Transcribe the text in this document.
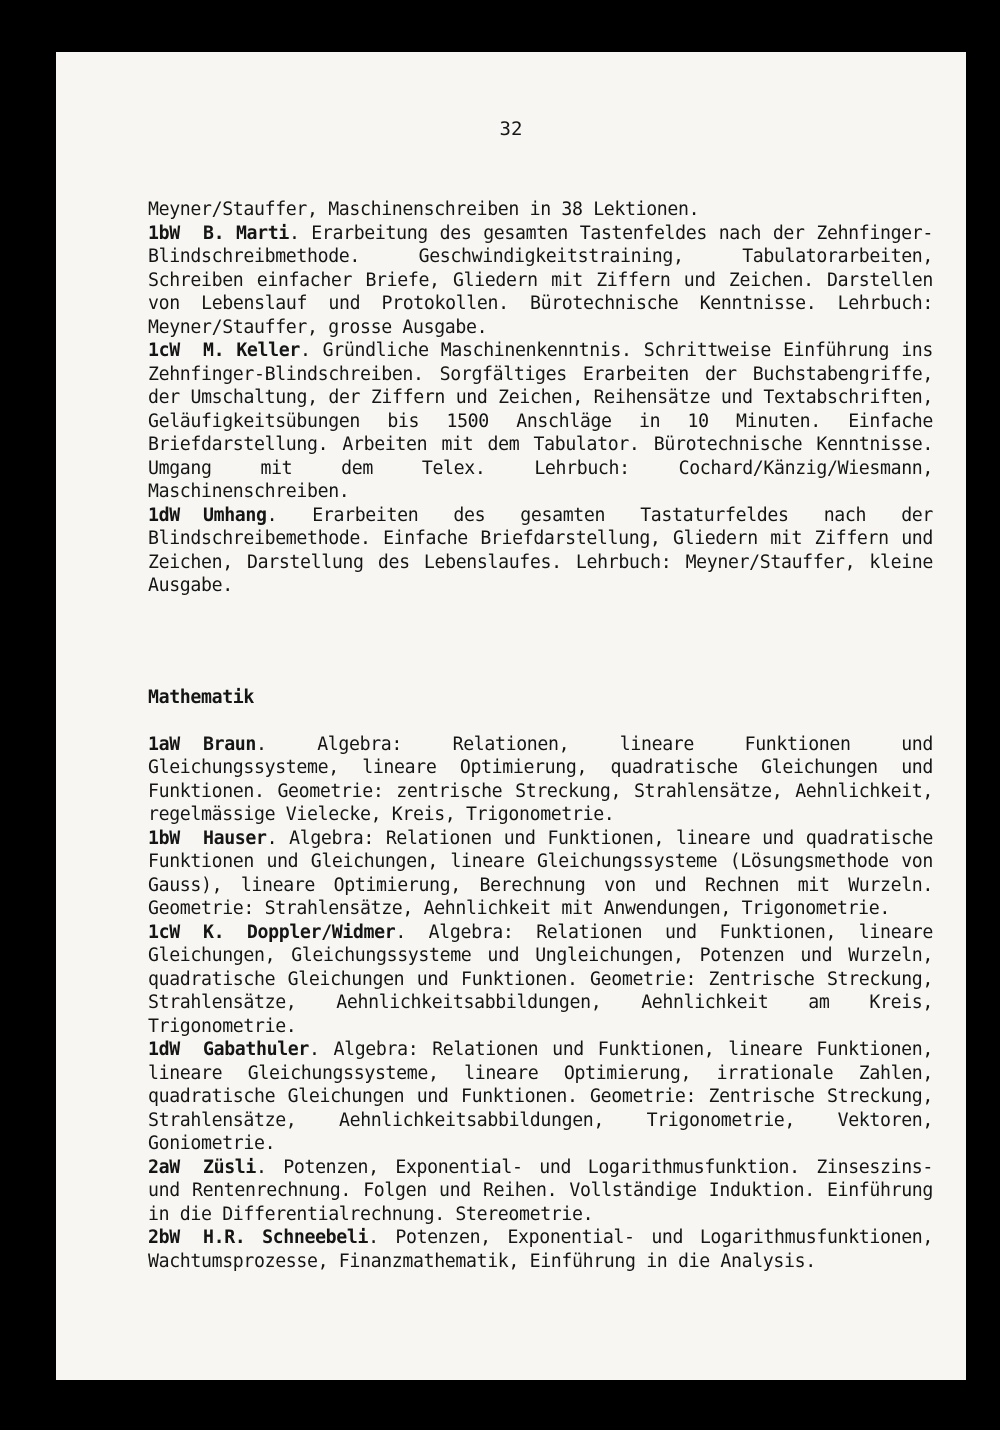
32

Meyner/Stauffer, Maschinenschreiben in 38 Lektionen.

1bW B. Marti. Erarbeitung des gesamten Tastenfeldes nach der Zehnfinger-Blindschreibmethode. Geschwindigkeitstraining, Tabulatorarbeiten, Schreiben einfacher Briefe, Gliedern mit Ziffern und Zeichen. Darstellen von Lebenslauf und Protokollen. Bürotechnische Kenntnisse. Lehrbuch: Meyner/Stauffer, grosse Ausgabe.

1cW M. Keller. Gründliche Maschinenkenntnis. Schrittweise Einführung ins Zehnfinger-Blindschreiben. Sorgfältiges Erarbeiten der Buchstabengriffe, der Umschaltung, der Ziffern und Zeichen, Reihensätze und Textabschriften, Geläufigkeitsübungen bis 1500 Anschläge in 10 Minuten. Einfache Briefdarstellung. Arbeiten mit dem Tabulator. Bürotechnische Kenntnisse. Umgang mit dem Telex. Lehrbuch: Cochard/Känzig/Wiesmann, Maschinenschreiben.

1dW Umhang. Erarbeiten des gesamten Tastaturfeldes nach der Blindschreibemethode. Einfache Briefdarstellung, Gliedern mit Ziffern und Zeichen, Darstellung des Lebenslaufes. Lehrbuch: Meyner/Stauffer, kleine Ausgabe.

Mathematik

1aW Braun. Algebra: Relationen, lineare Funktionen und Gleichungssysteme, lineare Optimierung, quadratische Gleichungen und Funktionen. Geometrie: zentrische Streckung, Strahlensätze, Aehnlichkeit, regelmässige Vielecke, Kreis, Trigonometrie.

1bW Hauser. Algebra: Relationen und Funktionen, lineare und quadratische Funktionen und Gleichungen, lineare Gleichungssysteme (Lösungsmethode von Gauss), lineare Optimierung, Berechnung von und Rechnen mit Wurzeln. Geometrie: Strahlensätze, Aehnlichkeit mit Anwendungen, Trigonometrie.

1cW K. Doppler/Widmer. Algebra: Relationen und Funktionen, lineare Gleichungen, Gleichungssysteme und Ungleichungen, Potenzen und Wurzeln, quadratische Gleichungen und Funktionen. Geometrie: Zentrische Streckung, Strahlensätze, Aehnlichkeitsabbildungen, Aehnlichkeit am Kreis, Trigonometrie.

1dW Gabathuler. Algebra: Relationen und Funktionen, lineare Funktionen, lineare Gleichungssysteme, lineare Optimierung, irrationale Zahlen, quadratische Gleichungen und Funktionen. Geometrie: Zentrische Streckung, Strahlensätze, Aehnlichkeitsabbildungen, Trigonometrie, Vektoren, Goniometrie.

2aW Züsli. Potenzen, Exponential- und Logarithmusfunktion. Zinseszins- und Rentenrechnung. Folgen und Reihen. Vollständige Induktion. Einführung in die Differentialrechnung. Stereometrie.

2bW H.R. Schneebeli. Potenzen, Exponential- und Logarithmusfunktionen, Wachtumsprozesse, Finanzmathematik, Einführung in die Analysis.
